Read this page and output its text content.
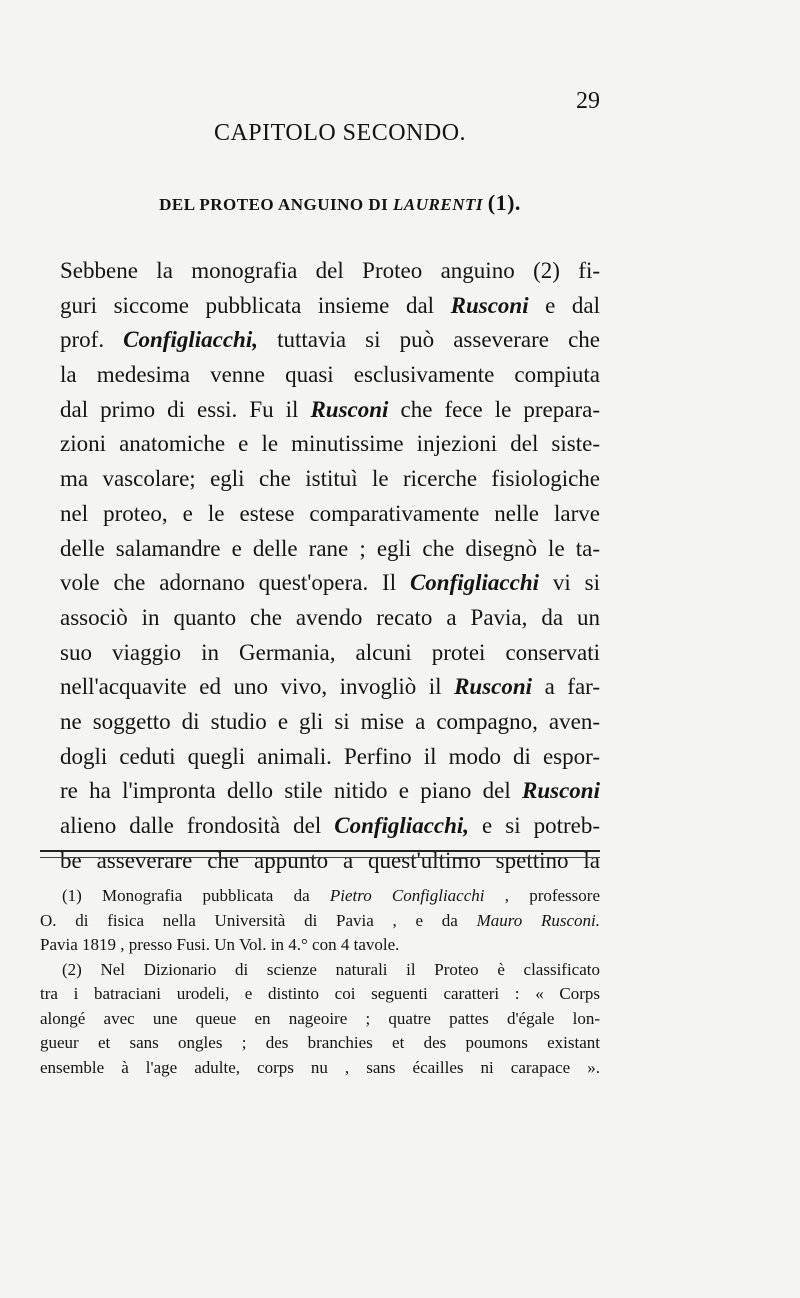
29
CAPITOLO SECONDO.
DEL PROTEO ANGUINO DI LAURENTI (1).
Sebbene la monografia del Proteo anguino (2) fi-
guri siccome pubblicata insieme dal Rusconi e dal
prof. Configliacchi, tuttavia si può asseverare che
la medesima venne quasi esclusivamente compiuta
dal primo di essi. Fu il Rusconi che fece le prepara-
zioni anatomiche e le minutissime injezioni del siste-
ma vascolare; egli che istituì le ricerche fisiologiche
nel proteo, e le estese comparativamente nelle larve
delle salamandre e delle rane ; egli che disegnò le ta-
vole che adornano quest'opera. Il Configliacchi vi si
associò in quanto che avendo recato a Pavia, da un
suo viaggio in Germania, alcuni protei conservati
nell'acquavite ed uno vivo, invogliò il Rusconi a far-
ne soggetto di studio e gli si mise a compagno, aven-
dogli ceduti quegli animali. Perfino il modo di espor-
re ha l'impronta dello stile nitido e piano del Rusconi
alieno dalle frondosità del Configliacchi, e si potreb-
be asseverare che appunto a quest'ultimo spettino la
(1) Monografia pubblicata da Pietro Configliacchi , professore
O. di fisica nella Università di Pavia , e da Mauro Rusconi.
Pavia 1819 , presso Fusi. Un Vol. in 4.° con 4 tavole.
(2) Nel Dizionario di scienze naturali il Proteo è classificato
tra i batraciani urodeli, e distinto coi seguenti caratteri : « Corps
alongé avec une queue en nageoire ; quatre pattes d'égale lon-
gueur et sans ongles ; des branchies et des poumons existant
ensemble à l'age adulte, corps nu , sans écailles ni carapace ».
